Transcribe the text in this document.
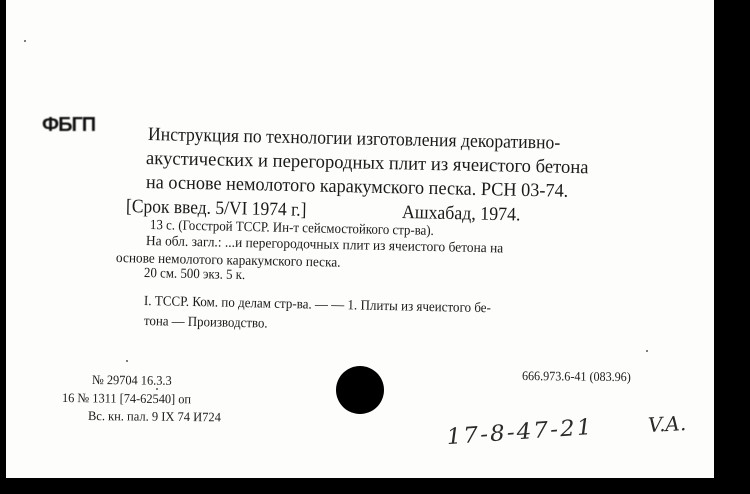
ФБГП	Инструкция по технологии изготовления декоративно-
акустических и перегородных плит из ячеистого бетона
на основе немолотого каракумского песка. РСН 03-74.
[Срок введ. 5/VI 1974 г.]	Ашхабад, 1974.
13 с. (Госстрой ТССР. Ин-т сейсмостойкого стр-ва).
На обл. загл.: ...и перегородочных плит из ячеистого бетона на
основе немолотого каракумского песка.
20 см. 500 экз. 5 к.
I. ТССР. Ком. по делам стр-ва. — — 1. Плиты из ячеистого бе-
тона — Производство.
№ 29704 16.3.3
16 № 1311 [74-62540] оп
Вс. кн. пал. 9 IX 74 И724
666.973.6-41 (083.96)
17-8-47-21	V.A.
